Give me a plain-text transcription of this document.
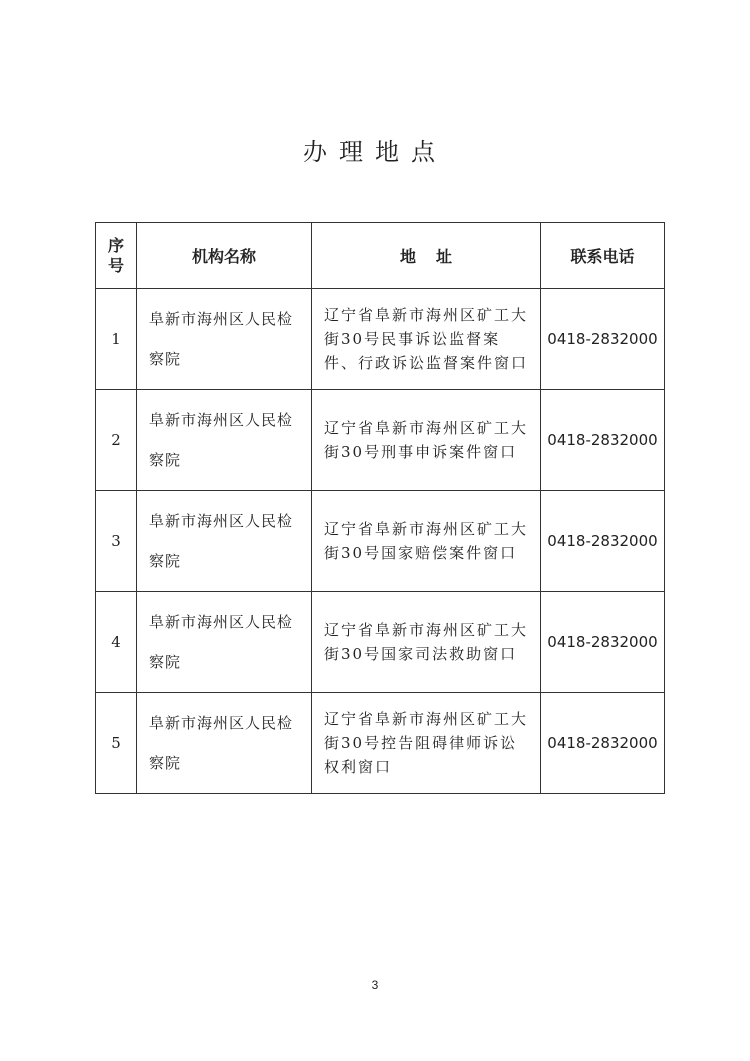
办理地点
序
号	机构名称	地址	联系电话
1	阜新市海州区人民检察院	辽宁省阜新市海州区矿工大街30号民事诉讼监督案件、行政诉讼监督案件窗口	0418-2832000
2	阜新市海州区人民检察院	辽宁省阜新市海州区矿工大街30号刑事申诉案件窗口	0418-2832000
3	阜新市海州区人民检察院	辽宁省阜新市海州区矿工大街30号国家赔偿案件窗口	0418-2832000
4	阜新市海州区人民检察院	辽宁省阜新市海州区矿工大街30号国家司法救助窗口	0418-2832000
5	阜新市海州区人民检察院	辽宁省阜新市海州区矿工大街30号控告阻碍律师诉讼权利窗口	0418-2832000
3
